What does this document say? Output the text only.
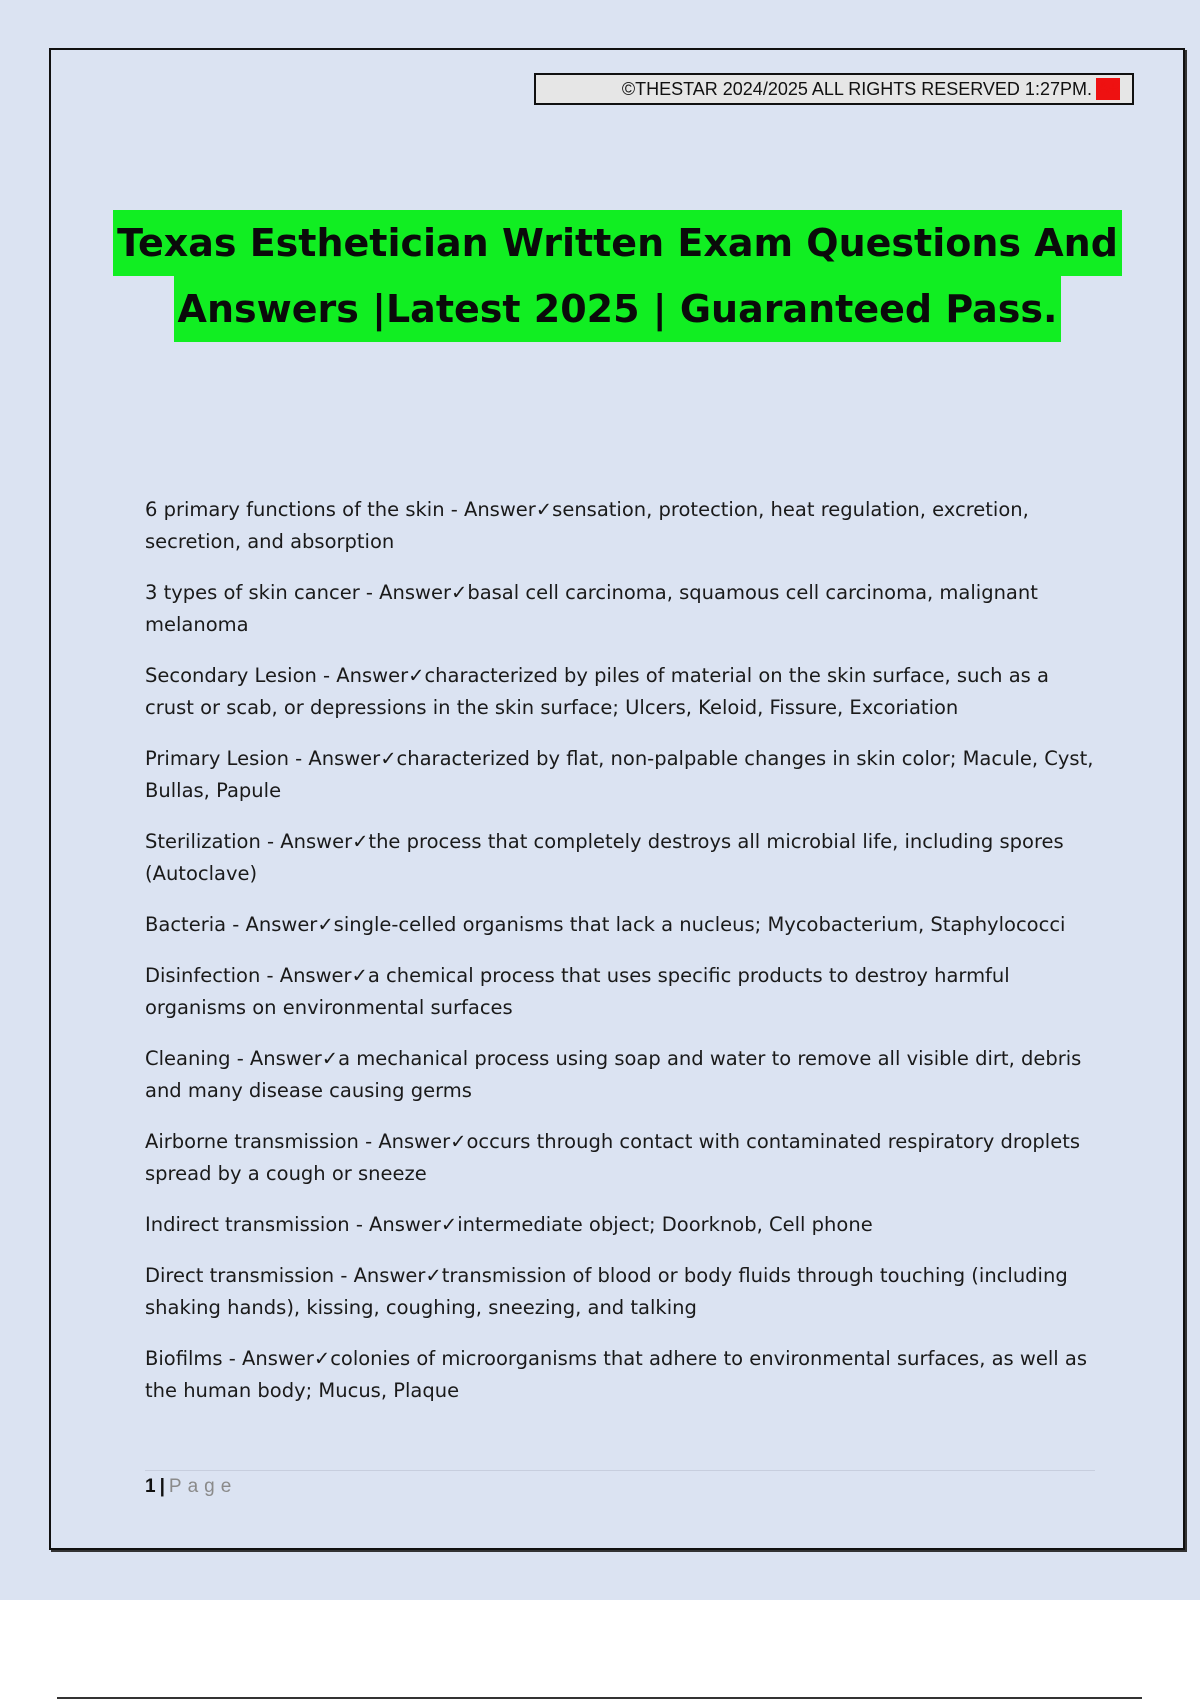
©THESTAR 2024/2025 ALL RIGHTS RESERVED 1:27PM. A+
Texas Esthetician Written Exam Questions And
Answers |Latest 2025 | Guaranteed Pass.
6 primary functions of the skin - Answer✓sensation, protection, heat regulation, excretion, secretion, and absorption
3 types of skin cancer - Answer✓basal cell carcinoma, squamous cell carcinoma, malignant melanoma
Secondary Lesion - Answer✓characterized by piles of material on the skin surface, such as a crust or scab, or depressions in the skin surface; Ulcers, Keloid, Fissure, Excoriation
Primary Lesion - Answer✓characterized by flat, non-palpable changes in skin color; Macule, Cyst, Bullas, Papule
Sterilization - Answer✓the process that completely destroys all microbial life, including spores (Autoclave)
Bacteria - Answer✓single-celled organisms that lack a nucleus; Mycobacterium, Staphylococci
Disinfection - Answer✓a chemical process that uses specific products to destroy harmful organisms on environmental surfaces
Cleaning - Answer✓a mechanical process using soap and water to remove all visible dirt, debris and many disease causing germs
Airborne transmission - Answer✓occurs through contact with contaminated respiratory droplets spread by a cough or sneeze
Indirect transmission - Answer✓intermediate object; Doorknob, Cell phone
Direct transmission - Answer✓transmission of blood or body fluids through touching (including shaking hands), kissing, coughing, sneezing, and talking
Biofilms - Answer✓colonies of microorganisms that adhere to environmental surfaces, as well as the human body; Mucus, Plaque
1 | Page
